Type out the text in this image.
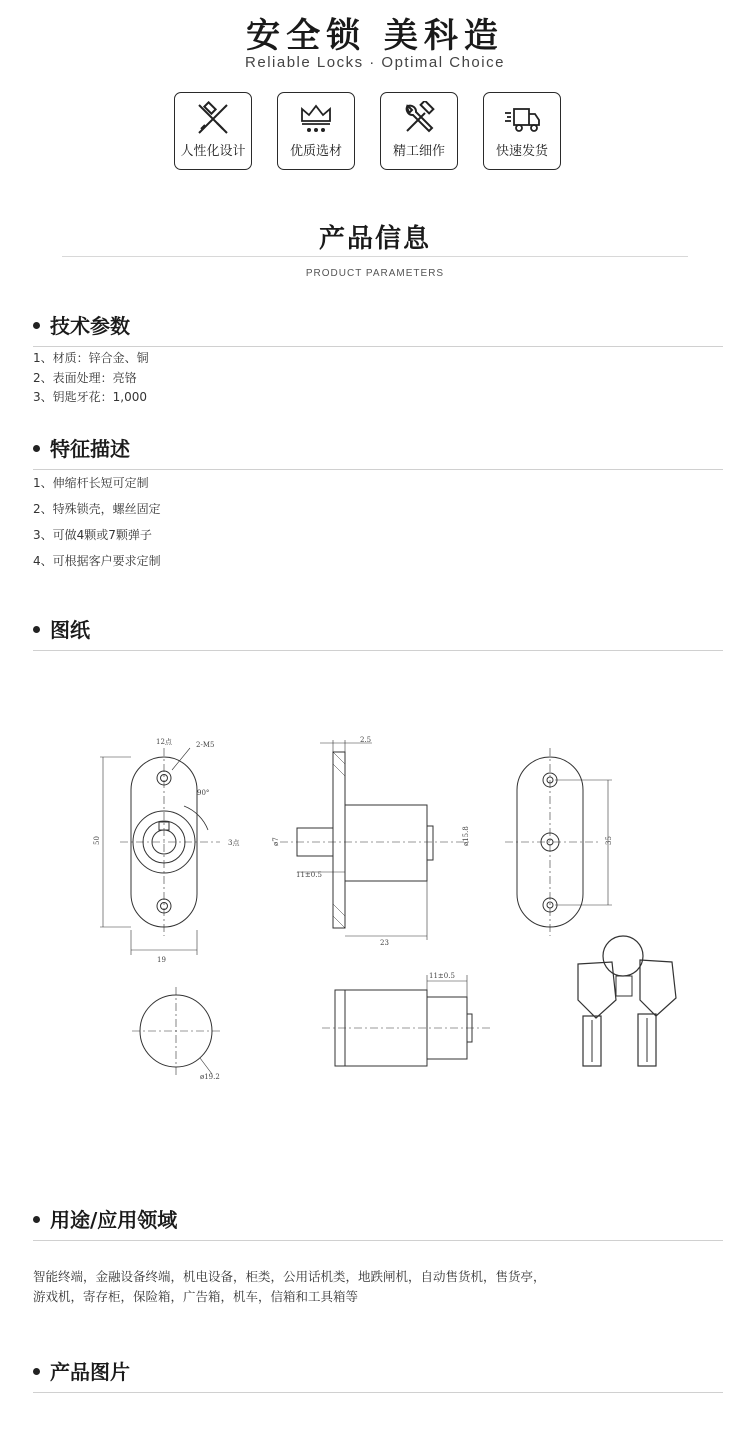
安全锁 美科造
Reliable Locks · Optimal Choice
人性化设计	优质选材	精工细作	快速发货
产品信息
PRODUCT PARAMETERS
技术参数
1、材质：锌合金、铜
2、表面处理：亮铬
3、钥匙牙花：1,000
特征描述
1、伸缩杆长短可定制
2、特殊锁壳，螺丝固定
3、可做4颗或7颗弹子
4、可根据客户要求定制
图纸
12点	2-M5
90°
3点
50
19
2.5
ø7
11±0.5
23
ø15.8	35
11±0.5
ø19.2
用途/应用领域
智能终端，金融设备终端，机电设备，柜类，公用话机类，地跌闸机，自动售货机，售货亭，
游戏机，寄存柜，保险箱，广告箱，机车，信箱和工具箱等
产品图片
